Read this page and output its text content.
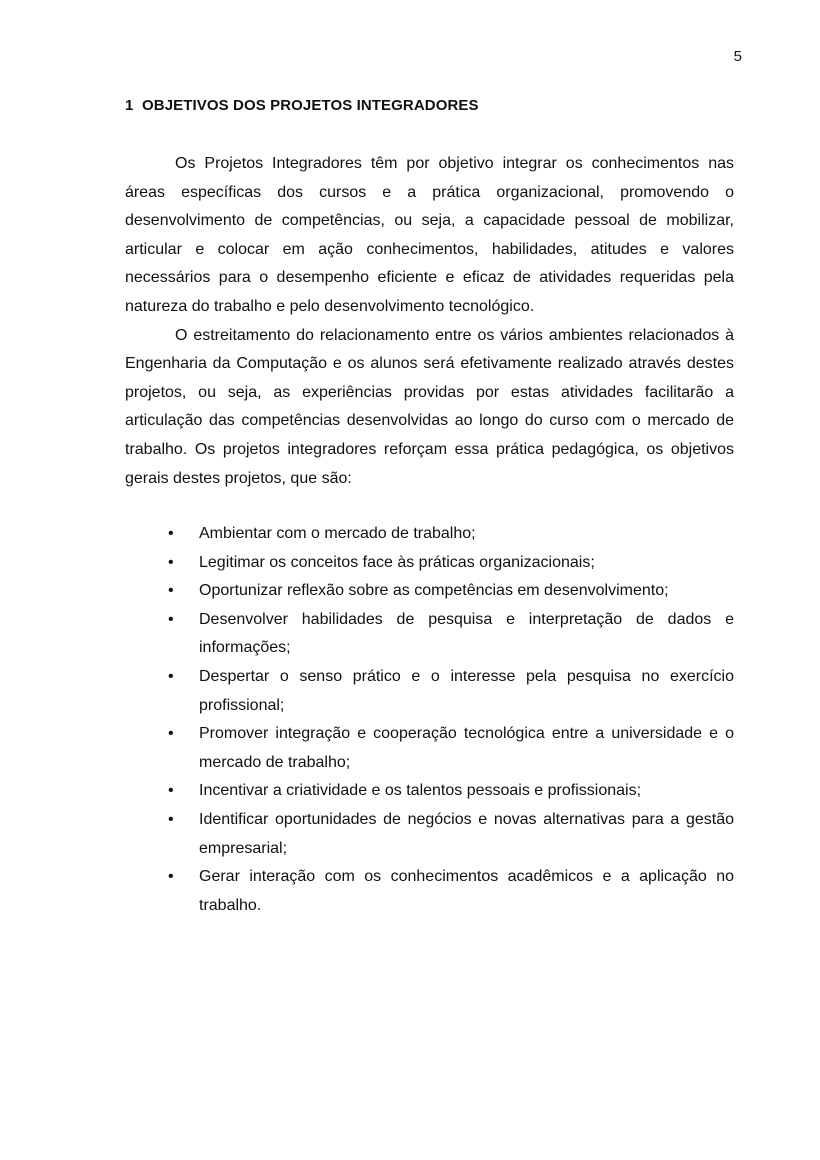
5
1 OBJETIVOS DOS PROJETOS INTEGRADORES

Os Projetos Integradores têm por objetivo integrar os conhecimentos nas áreas específicas dos cursos e a prática organizacional, promovendo o desenvolvimento de competências, ou seja, a capacidade pessoal de mobilizar, articular e colocar em ação conhecimentos, habilidades, atitudes e valores necessários para o desempenho eficiente e eficaz de atividades requeridas pela natureza do trabalho e pelo desenvolvimento tecnológico.

O estreitamento do relacionamento entre os vários ambientes relacionados à Engenharia da Computação e os alunos será efetivamente realizado através destes projetos, ou seja, as experiências providas por estas atividades facilitarão a articulação das competências desenvolvidas ao longo do curso com o mercado de trabalho. Os projetos integradores reforçam essa prática pedagógica, os objetivos gerais destes projetos, que são:

• Ambientar com o mercado de trabalho;
• Legitimar os conceitos face às práticas organizacionais;
• Oportunizar reflexão sobre as competências em desenvolvimento;
• Desenvolver habilidades de pesquisa e interpretação de dados e informações;
• Despertar o senso prático e o interesse pela pesquisa no exercício profissional;
• Promover integração e cooperação tecnológica entre a universidade e o mercado de trabalho;
• Incentivar a criatividade e os talentos pessoais e profissionais;
• Identificar oportunidades de negócios e novas alternativas para a gestão empresarial;
• Gerar interação com os conhecimentos acadêmicos e a aplicação no trabalho.
